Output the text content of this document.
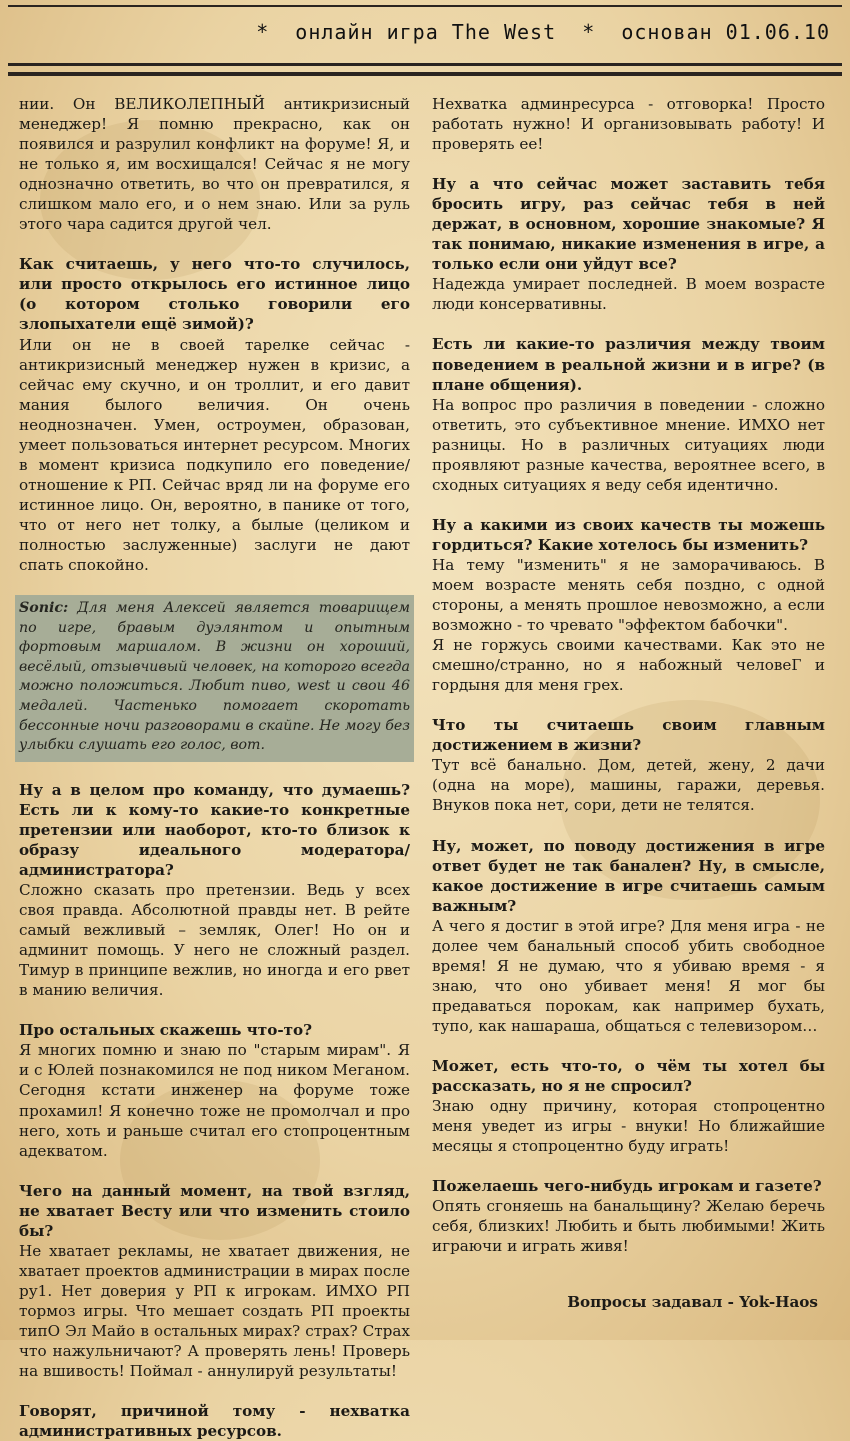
*  онлайн игра The West  *  основан 01.06.10

нии. Он ВЕЛИКОЛЕПНЫЙ антикризисный менеджер! Я помню прекрасно, как он появился и разрулил конфликт на форуме! Я, и не только я, им восхищался! Сейчас я не могу однозначно ответить, во что он превратился, я слишком мало его, и о нем знаю. Или за руль этого чара садится другой чел.

Как считаешь, у него что-то случилось, или просто открылось его истинное лицо (о котором столько говорили его злопыхатели ещё зимой)?

Или он не в своей тарелке сейчас - антикризисный менеджер нужен в кризис, а сейчас ему скучно, и он троллит, и его давит мания былого величия. Он очень неоднозначен. Умен, остроумен, образован, умеет пользоваться интернет ресурсом. Многих в момент кризиса подкупило его поведение/отношение к РП. Сейчас вряд ли на форуме его истинное лицо. Он, вероятно, в панике от того, что от него нет толку, а былые (целиком и полностью заслуженные) заслуги не дают спать спокойно.

Sonic: Для меня Алексей является товарищем по игре, бравым дуэлянтом и опытным фортовым маршалом. В жизни он хороший, весёлый, отзывчивый человек, на которого всегда можно положиться. Любит пиво, west и свои 46 медалей. Частенько помогает скоротать бессонные ночи разговорами в скайпе. Не могу без улыбки слушать его голос, вот.

Ну а в целом про команду, что думаешь? Есть ли к кому-то какие-то конкретные претензии или наоборот, кто-то близок к образу идеального модератора/администратора?

Сложно сказать про претензии. Ведь у всех своя правда. Абсолютной правды нет. В рейте самый вежливый – земляк, Олег! Но он и админит помощь. У него не сложный раздел. Тимур в принципе вежлив, но иногда и его рвет в манию величия.

Про остальных скажешь что-то?

Я многих помню и знаю по "старым мирам". Я и с Юлей познакомился не под ником Меганом. Сегодня кстати инженер на форуме тоже прохамил! Я конечно тоже не промолчал и про него, хоть и раньше считал его стопроцентным адекватом.

Чего на данный момент, на твой взгляд, не хватает Весту или что изменить стоило бы?

Не хватает рекламы, не хватает движения, не хватает проектов администрации в мирах после ру1. Нет доверия у РП к игрокам. ИМХО РП тормоз игры. Что мешает создать РП проекты типО Эл Майо в остальных мирах? страх? Страх что нажульничают? А проверять лень! Проверь на вшивость! Поймал - аннулируй результаты!

Говорят, причиной тому - нехватка административных ресурсов.

Нехватка админресурса - отговорка! Просто работать нужно! И организовывать работу! И проверять ее!

Ну а что сейчас может заставить тебя бросить игру, раз сейчас тебя в ней держат, в основном, хорошие знакомые? Я так понимаю, никакие изменения в игре, а только если они уйдут все?

Надежда умирает последней. В моем возрасте люди консервативны.

Есть ли какие-то различия между твоим поведением в реальной жизни и в игре? (в плане общения).

На вопрос про различия в поведении - сложно ответить, это субъективное мнение. ИМХО нет разницы. Но в различных ситуациях люди проявляют разные качества, вероятнее всего, в сходных ситуациях я веду себя идентично.

Ну а какими из своих качеств ты можешь гордиться? Какие хотелось бы изменить?

На тему "изменить" я не заморачиваюсь. В моем возрасте менять себя поздно, с одной стороны, а менять прошлое невозможно, а если возможно - то чревато "эффектом бабочки".

Я не горжусь своими качествами. Как это не смешно/странно, но я набожный человеГ и гордыня для меня грех.

Что ты считаешь своим главным достижением в жизни?

Тут всё банально. Дом, детей, жену, 2 дачи (одна на море), машины, гаражи, деревья. Внуков пока нет, сори, дети не телятся.

Ну, может, по поводу достижения в игре ответ будет не так банален? Ну, в смысле, какое достижение в игре считаешь самым важным?

А чего я достиг в этой игре? Для меня игра - не долее чем банальный способ убить свободное время! Я не думаю, что я убиваю время - я знаю, что оно убивает меня! Я мог бы предаваться порокам, как например бухать, тупо, как нашараша, общаться с телевизором…

Может, есть что-то, о чём ты хотел бы рассказать, но я не спросил?

Знаю одну причину, которая стопроцентно меня уведет из игры - внуки! Но ближайшие месяцы я стопроцентно буду играть!

Пожелаешь чего-нибудь игрокам и газете?

Опять сгоняешь на банальщину? Желаю беречь себя, близких! Любить и быть любимыми! Жить играючи и играть живя!

Вопросы задавал - Yok-Haos
